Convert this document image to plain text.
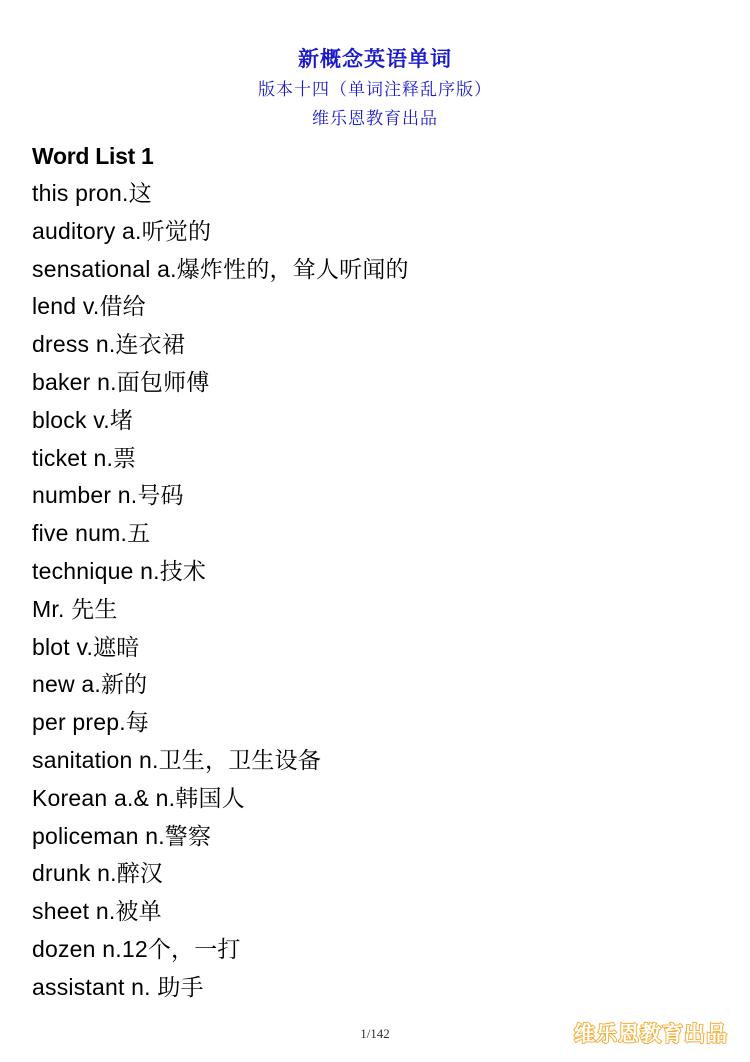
新概念英语单词
版本十四（单词注释乱序版）
维乐恩教育出品
Word List 1
this pron.这
auditory a.听觉的
sensational a.爆炸性的，耸人听闻的
lend v.借给
dress n.连衣裙
baker n.面包师傅
block v.堵
ticket n.票
number n.号码
five num.五
technique n.技术
Mr. 先生
blot v.遮暗
new a.新的
per prep.每
sanitation n.卫生，卫生设备
Korean a.& n.韩国人
policeman n.警察
drunk n.醉汉
sheet n.被单
dozen n.12个，一打
assistant n. 助手
1/142	维乐恩教育出品
